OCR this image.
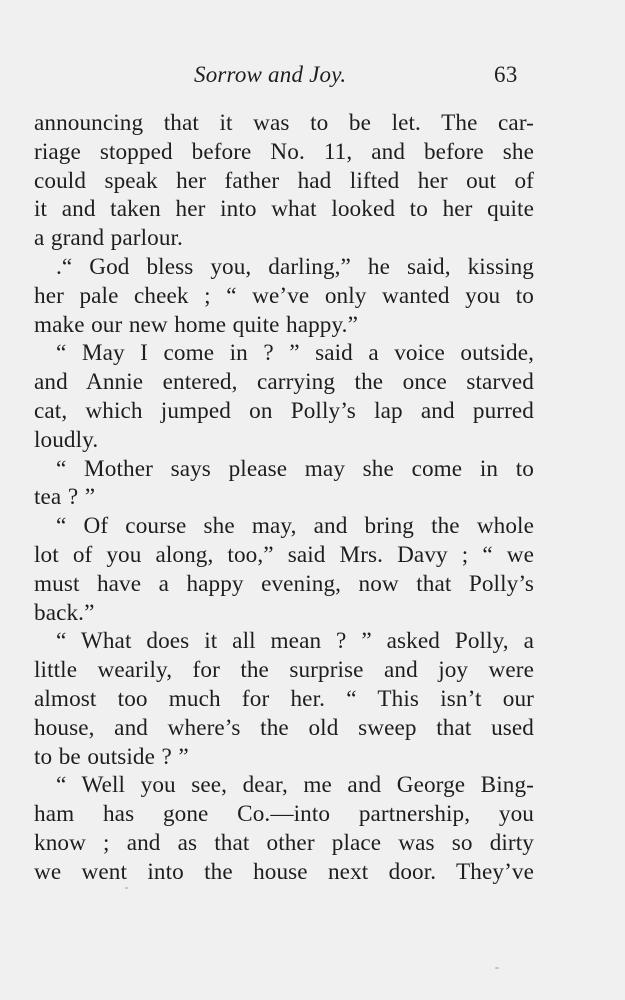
Sorrow and Joy.	63
announcing that it was to be let. The car-
riage stopped before No. 11, and before she
could speak her father had lifted her out of
it and taken her into what looked to her quite
a grand parlour.
.“ God bless you, darling,” he said, kissing
her pale cheek ; “ we’ve only wanted you to
make our new home quite happy.”
“ May I come in ? ” said a voice outside,
and Annie entered, carrying the once starved
cat, which jumped on Polly’s lap and purred
loudly.
“ Mother says please may she come in to
tea ? ”
“ Of course she may, and bring the whole
lot of you along, too,” said Mrs. Davy ; “ we
must have a happy evening, now that Polly’s
back.”
“ What does it all mean ? ” asked Polly, a
little wearily, for the surprise and joy were
almost too much for her. “ This isn’t our
house, and where’s the old sweep that used
to be outside ? ”
“ Well you see, dear, me and George Bing-
ham has gone Co.—into partnership, you
know ; and as that other place was so dirty
we went into the house next door. They’ve
